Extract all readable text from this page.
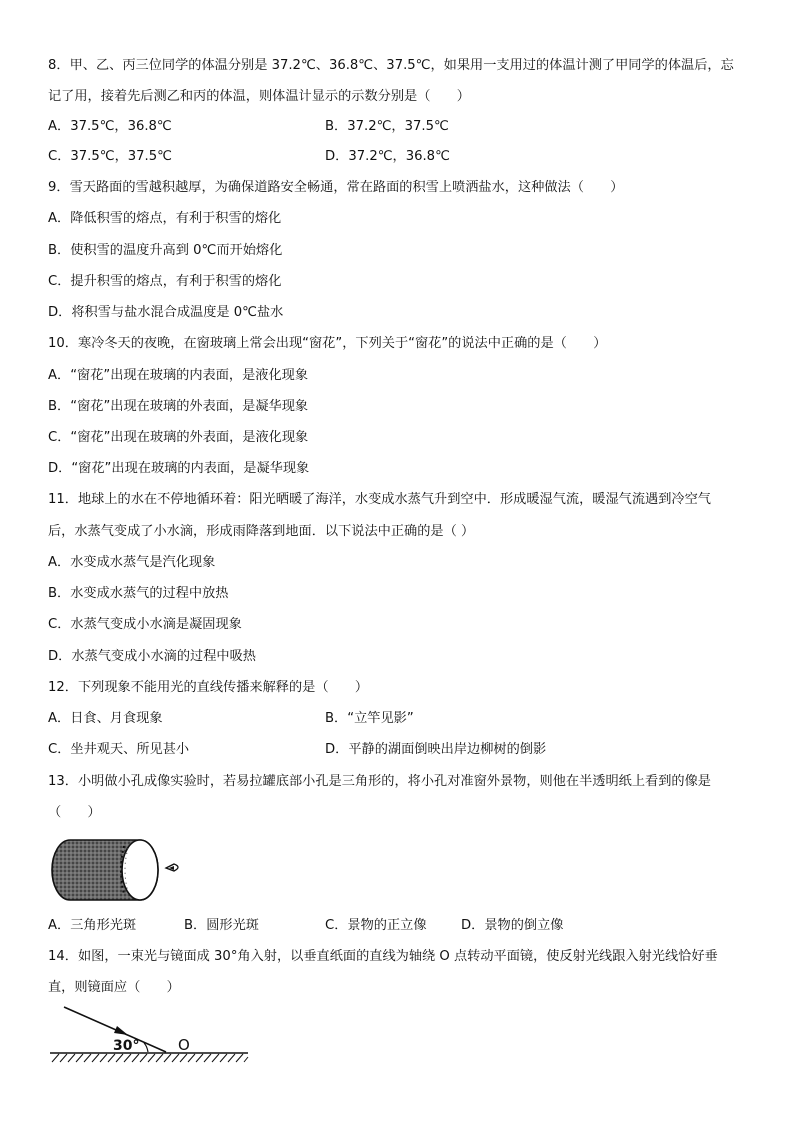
8．甲、乙、丙三位同学的体温分别是 37.2℃、36.8℃、37.5℃，如果用一支用过的体温计测了甲同学的体温后，忘
记了用，接着先后测乙和丙的体温，则体温计显示的示数分别是（　　）
A．37.5℃，36.8℃	B．37.2℃，37.5℃
C．37.5℃，37.5℃	D．37.2℃，36.8℃
9．雪天路面的雪越积越厚，为确保道路安全畅通，常在路面的积雪上喷洒盐水，这种做法（　　）
A．降低积雪的熔点，有利于积雪的熔化
B．使积雪的温度升高到 0℃而开始熔化
C．提升积雪的熔点，有利于积雪的熔化
D．将积雪与盐水混合成温度是 0℃盐水
10．寒冷冬天的夜晚，在窗玻璃上常会出现“窗花”，下列关于“窗花”的说法中正确的是（　　）
A．“窗花”出现在玻璃的内表面，是液化现象
B．“窗花”出现在玻璃的外表面，是凝华现象
C．“窗花”出现在玻璃的外表面，是液化现象
D．“窗花”出现在玻璃的内表面，是凝华现象
11．地球上的水在不停地循环着：阳光晒暖了海洋，水变成水蒸气升到空中．形成暖湿气流，暖湿气流遇到冷空气
后，水蒸气变成了小水滴，形成雨降落到地面．以下说法中正确的是（ ）
A．水变成水蒸气是汽化现象
B．水变成水蒸气的过程中放热
C．水蒸气变成小水滴是凝固现象
D．水蒸气变成小水滴的过程中吸热
12．下列现象不能用光的直线传播来解释的是（　　）
A．日食、月食现象	B．“立竿见影”
C．坐井观天、所见甚小	D．平静的湖面倒映出岸边柳树的倒影
13．小明做小孔成像实验时，若易拉罐底部小孔是三角形的，将小孔对准窗外景物，则他在半透明纸上看到的像是
（　　）
A．三角形光斑	B．圆形光斑	C．景物的正立像	D．景物的倒立像
14．如图，一束光与镜面成 30°角入射，以垂直纸面的直线为轴绕 O 点转动平面镜，使反射光线跟入射光线恰好垂
直，则镜面应（　　）
30°	O
